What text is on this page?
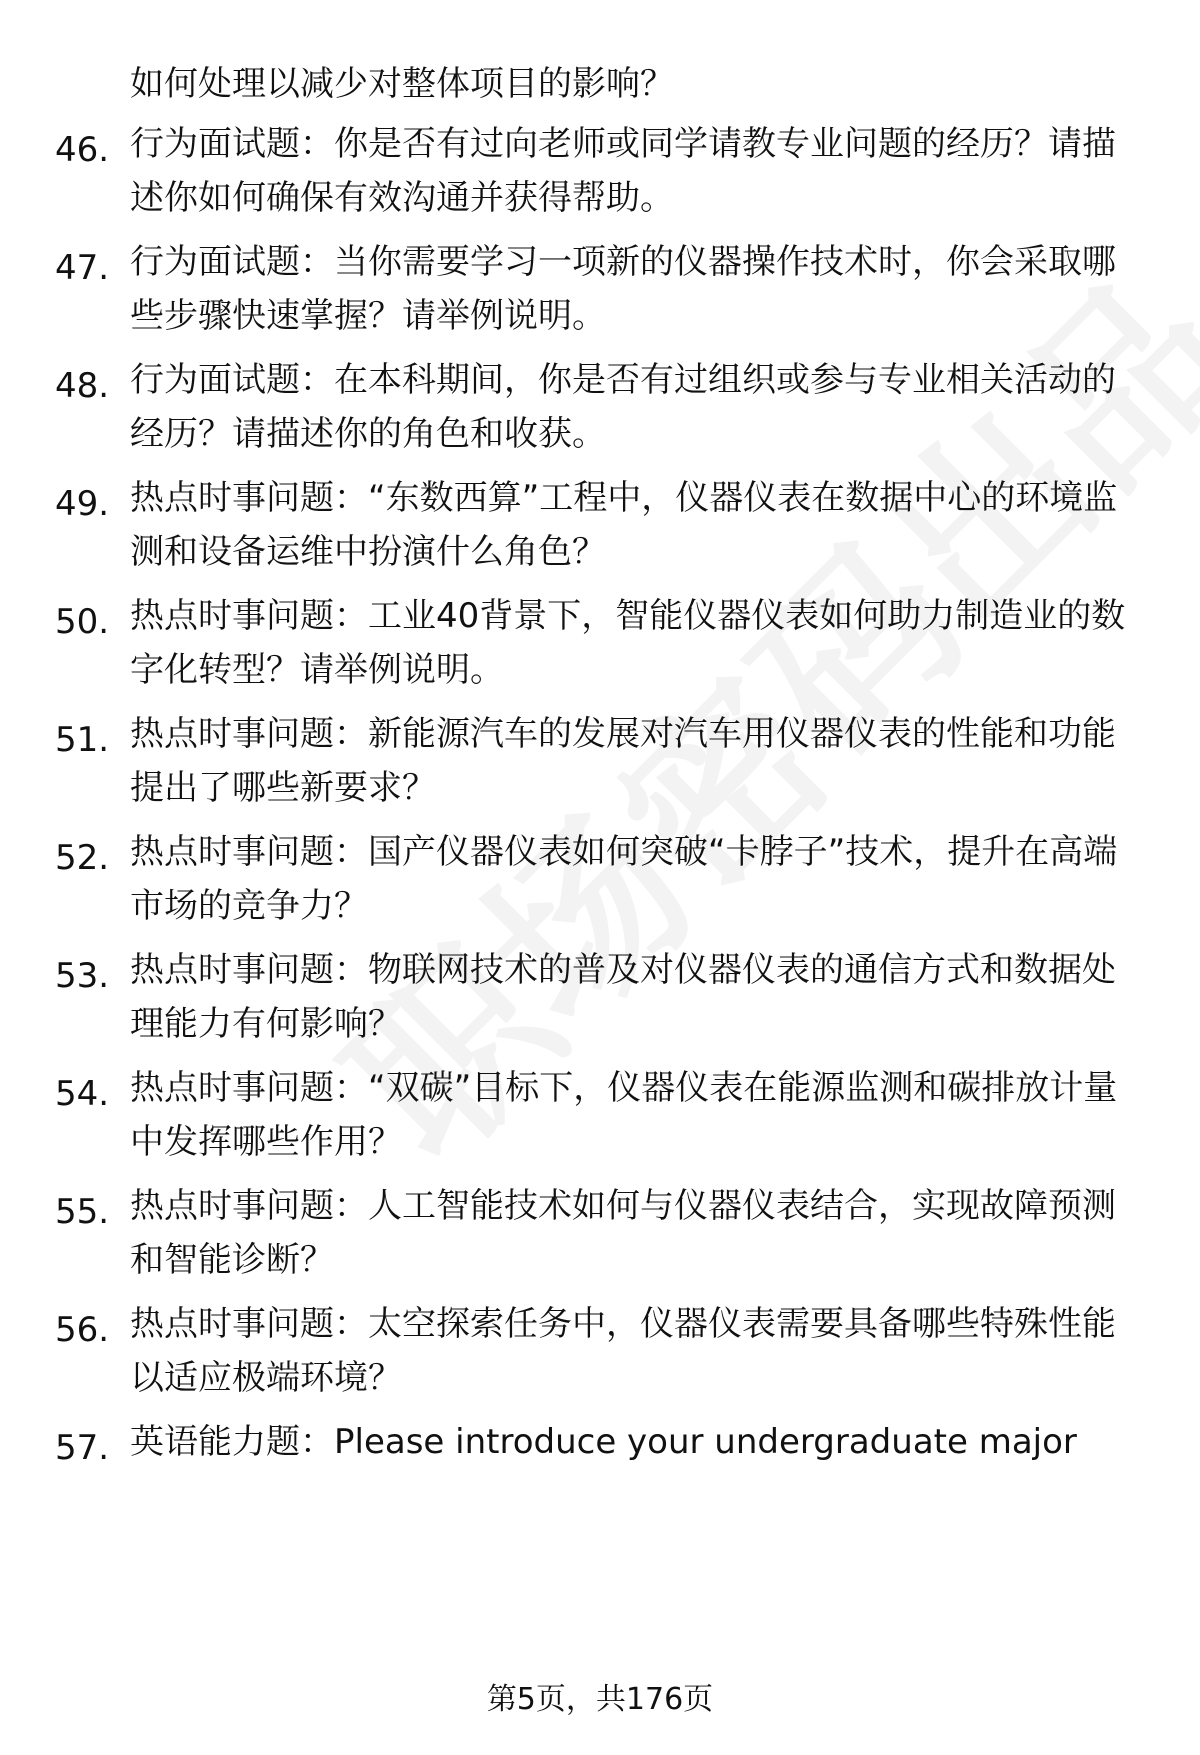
如何处理以减少对整体项目的影响？
46. 行为面试题：你是否有过向老师或同学请教专业问题的经历？请描述你如何确保有效沟通并获得帮助。
47. 行为面试题：当你需要学习一项新的仪器操作技术时，你会采取哪些步骤快速掌握？请举例说明。
48. 行为面试题：在本科期间，你是否有过组织或参与专业相关活动的经历？请描述你的角色和收获。
49. 热点时事问题：“东数西算”工程中，仪器仪表在数据中心的环境监测和设备运维中扮演什么角色？
50. 热点时事问题：工业40背景下，智能仪器仪表如何助力制造业的数字化转型？请举例说明。
51. 热点时事问题：新能源汽车的发展对汽车用仪器仪表的性能和功能提出了哪些新要求？
52. 热点时事问题：国产仪器仪表如何突破“卡脖子”技术，提升在高端市场的竞争力？
53. 热点时事问题：物联网技术的普及对仪器仪表的通信方式和数据处理能力有何影响？
54. 热点时事问题：“双碳”目标下，仪器仪表在能源监测和碳排放计量中发挥哪些作用？
55. 热点时事问题：人工智能技术如何与仪器仪表结合，实现故障预测和智能诊断？
56. 热点时事问题：太空探索任务中，仪器仪表需要具备哪些特殊性能以适应极端环境？
57. 英语能力题：Please introduce your undergraduate major
第5页，共176页
